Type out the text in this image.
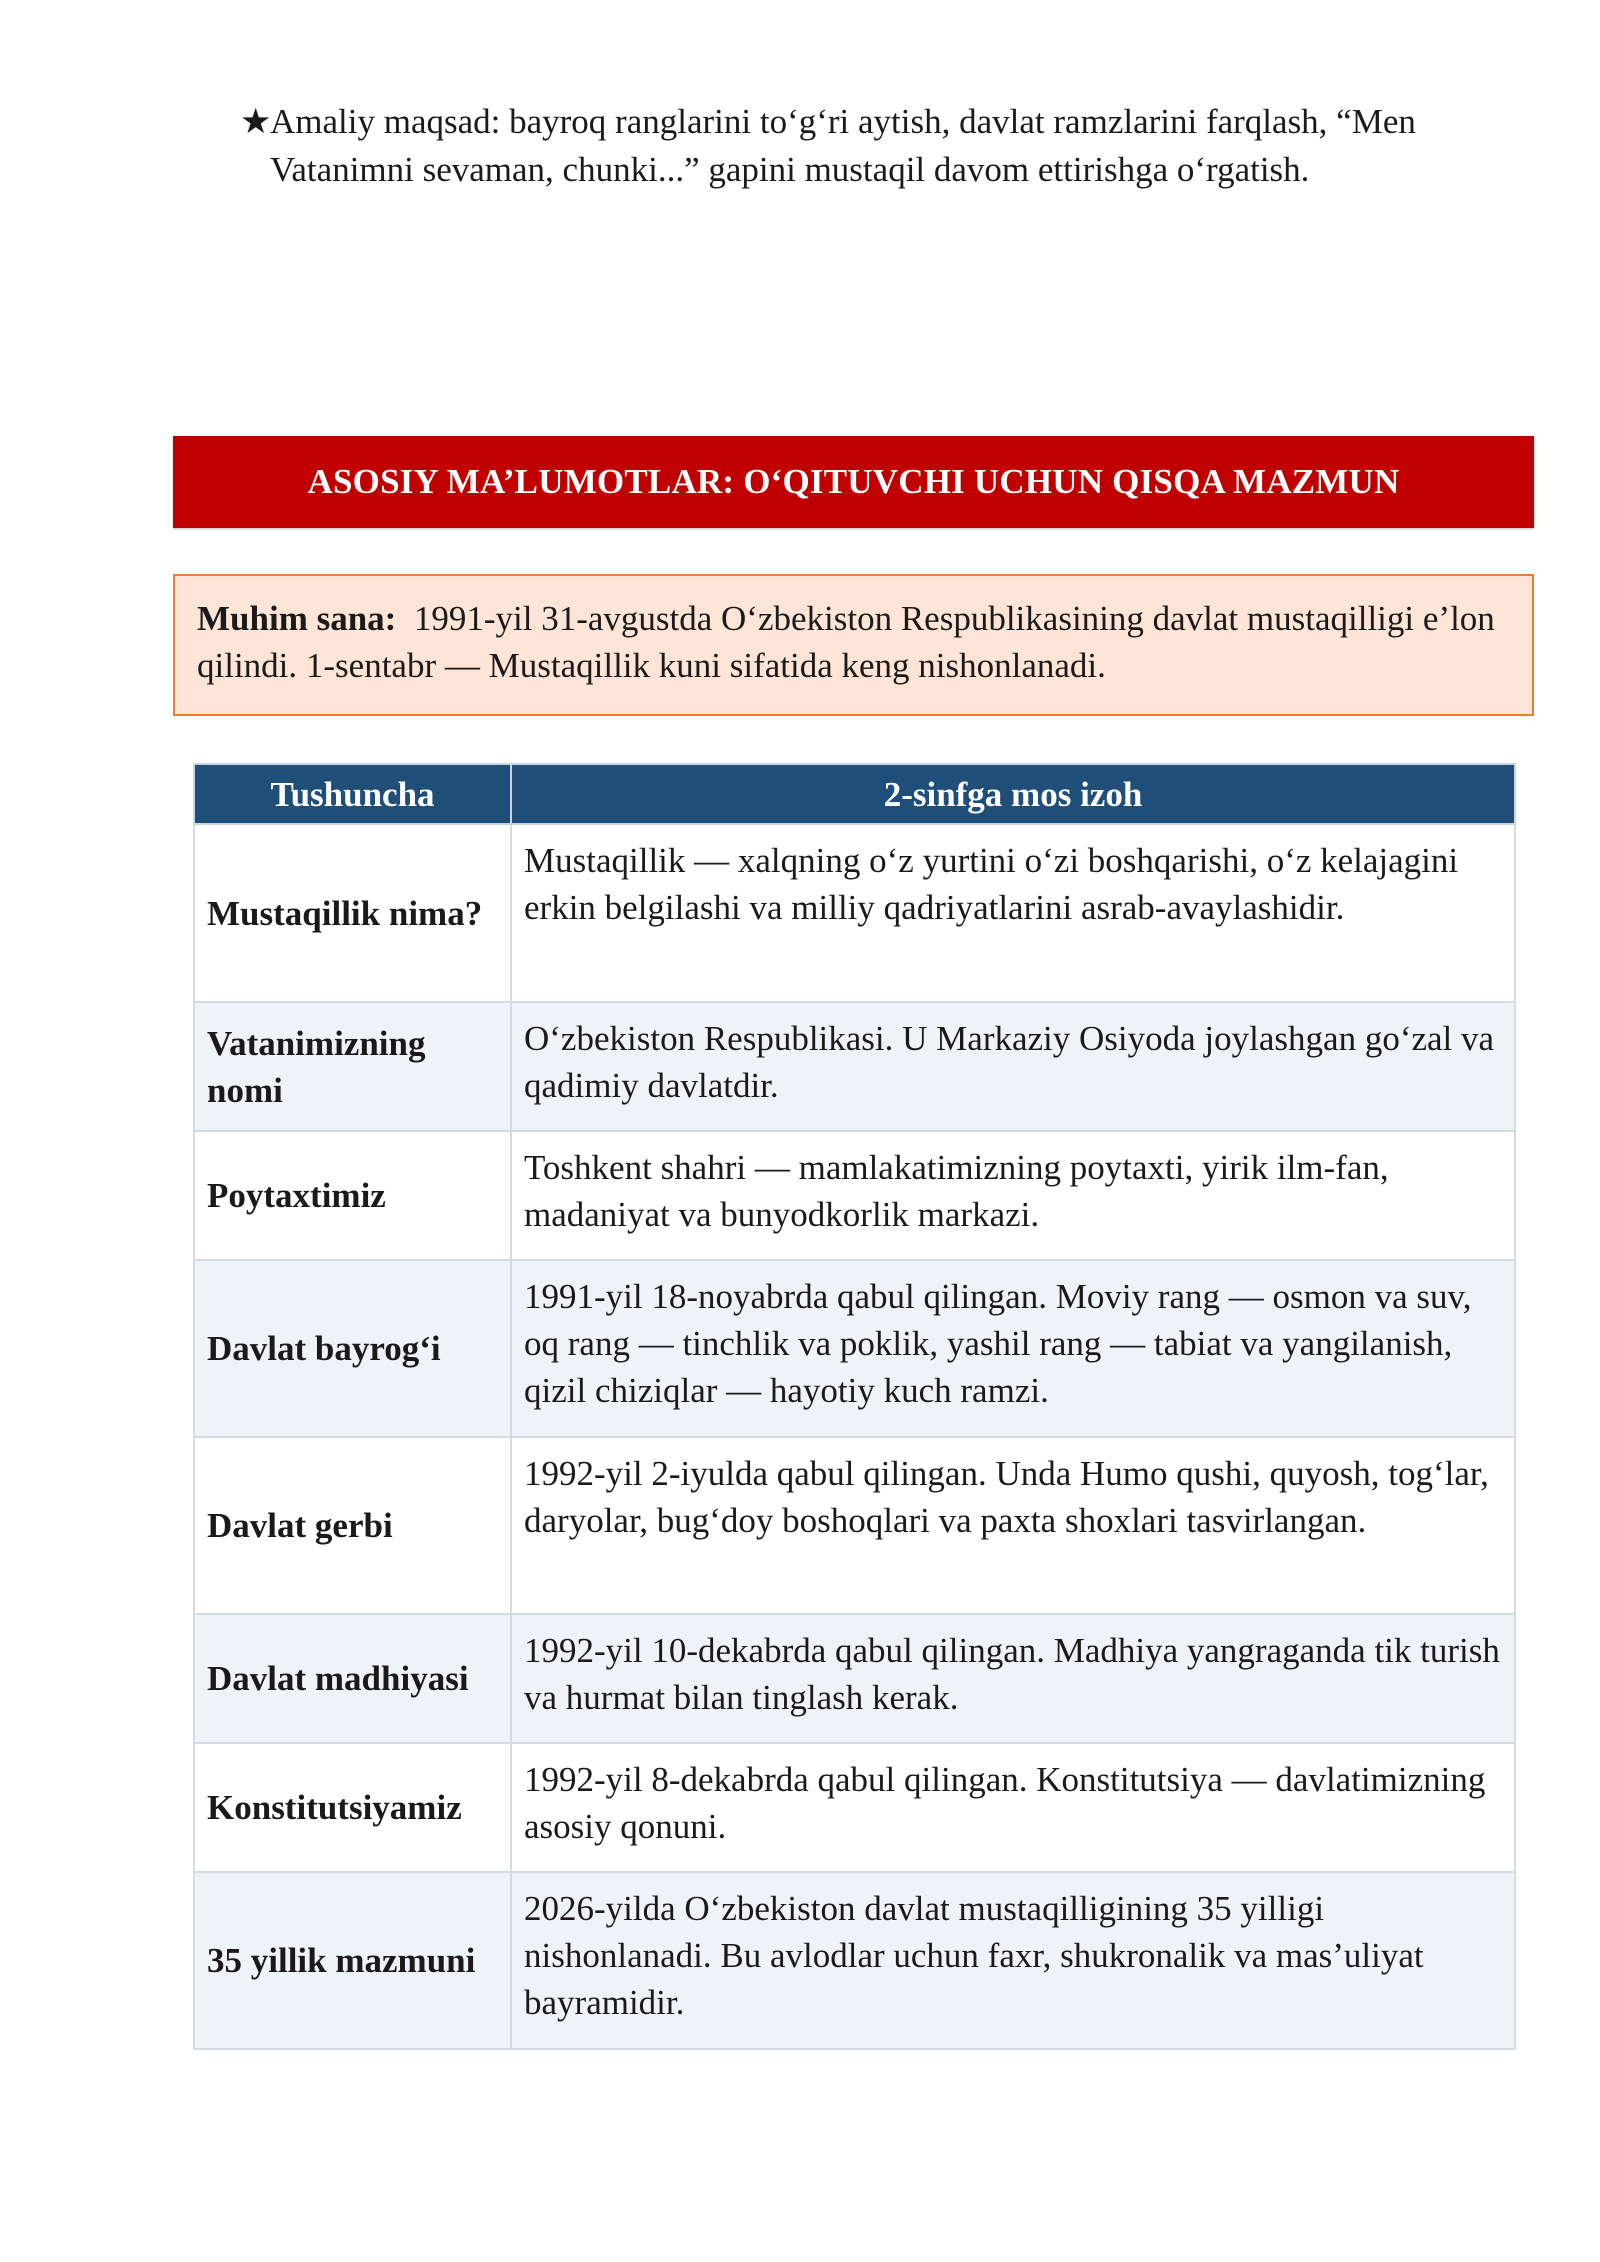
★
Amaliy maqsad: bayroq ranglarini to‘g‘ri aytish, davlat ramzlarini farqlash, “Men Vatanimni sevaman, chunki...” gapini mustaqil davom ettirishga o‘rgatish.
ASOSIY MA’LUMOTLAR: O‘QITUVCHI UCHUN QISQA MAZMUN
Muhim sana: 1991-yil 31-avgustda O‘zbekiston Respublikasining davlat mustaqilligi e’lon qilindi. 1-sentabr — Mustaqillik kuni sifatida keng nishonlanadi.
Tushuncha	2-sinfga mos izoh
Mustaqillik nima?	Mustaqillik — xalqning o‘z yurtini o‘zi boshqarishi, o‘z kelajagini erkin belgilashi va milliy qadriyatlarini asrab-avaylashidir.
Vatanimizning nomi	O‘zbekiston Respublikasi. U Markaziy Osiyoda joylashgan go‘zal va qadimiy davlatdir.
Poytaxtimiz	Toshkent shahri — mamlakatimizning poytaxti, yirik ilm-fan, madaniyat va bunyodkorlik markazi.
Davlat bayrog‘i	1991-yil 18-noyabrda qabul qilingan. Moviy rang — osmon va suv, oq rang — tinchlik va poklik, yashil rang — tabiat va yangilanish, qizil chiziqlar — hayotiy kuch ramzi.
Davlat gerbi	1992-yil 2-iyulda qabul qilingan. Unda Humo qushi, quyosh, tog‘lar, daryolar, bug‘doy boshoqlari va paxta shoxlari tasvirlangan.
Davlat madhiyasi	1992-yil 10-dekabrda qabul qilingan. Madhiya yangraganda tik turish va hurmat bilan tinglash kerak.
Konstitutsiyamiz	1992-yil 8-dekabrda qabul qilingan. Konstitutsiya — davlatimizning asosiy qonuni.
35 yillik mazmuni	2026-yilda O‘zbekiston davlat mustaqilligining 35 yilligi nishonlanadi. Bu avlodlar uchun faxr, shukronalik va mas’uliyat bayramidir.
